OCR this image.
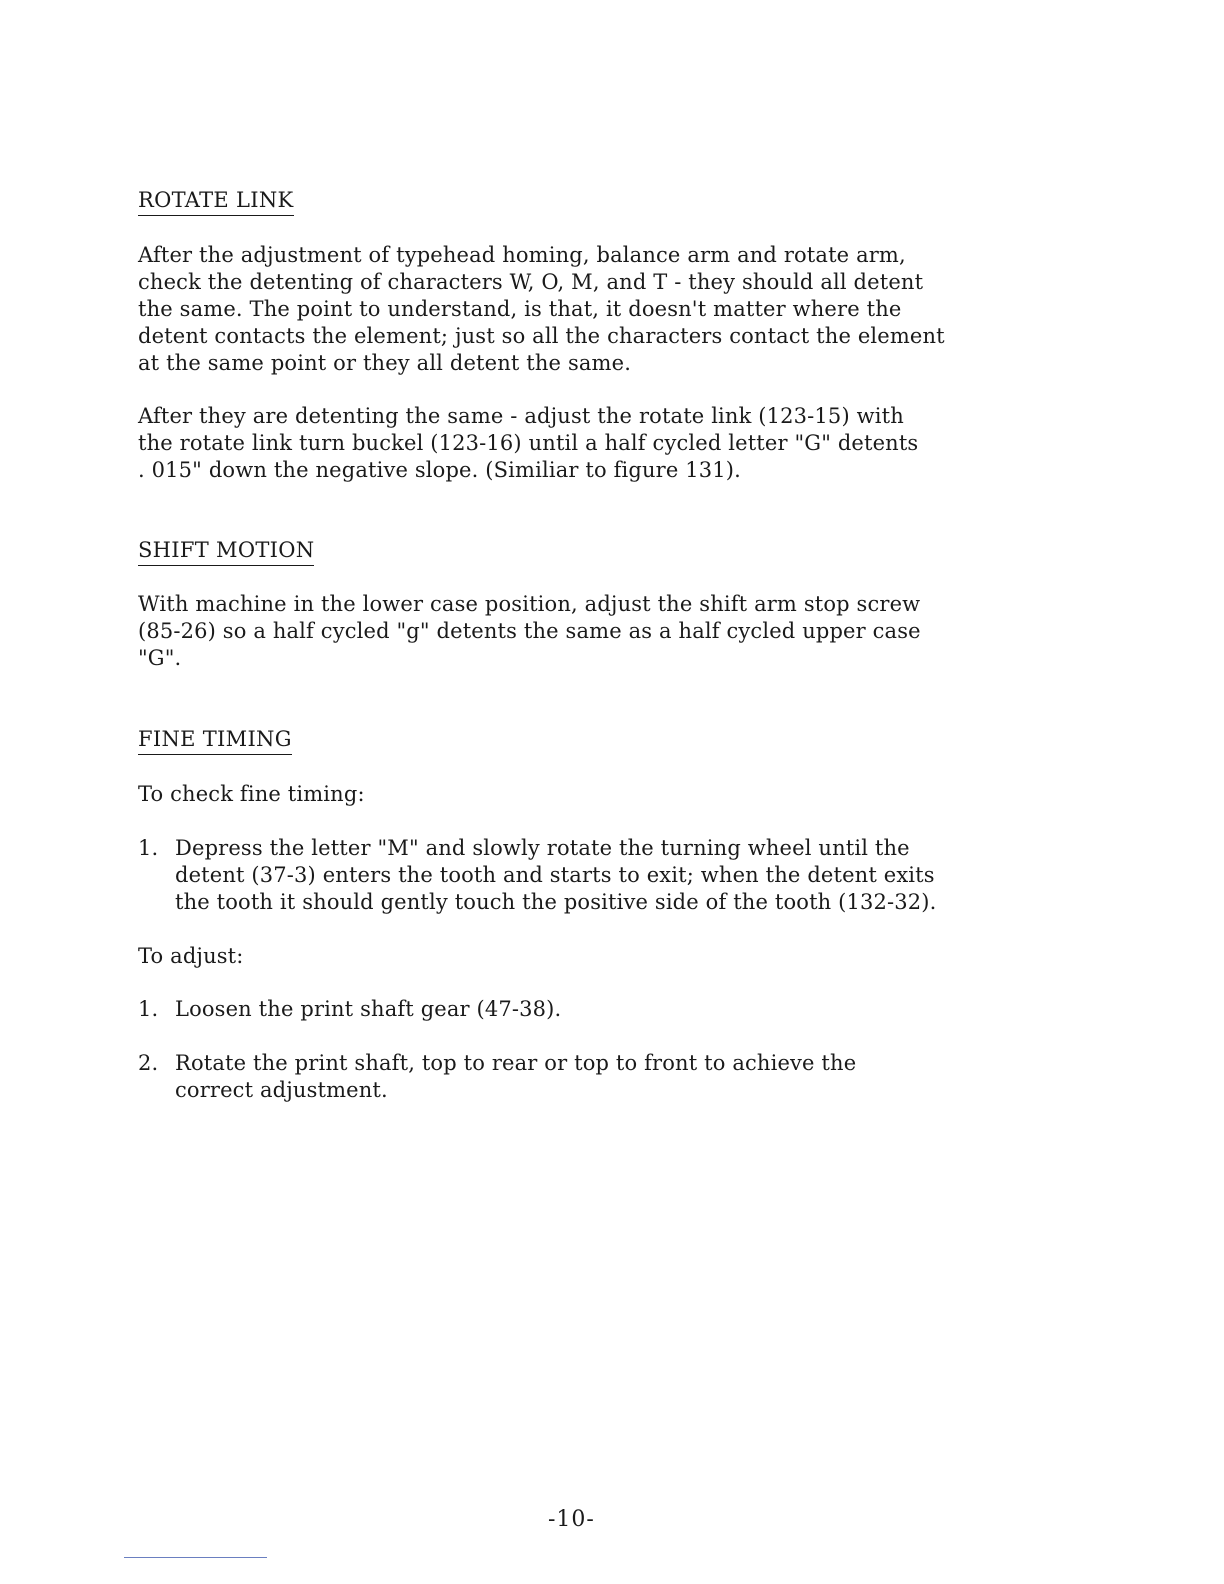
ROTATE LINK

After the adjustment of typehead homing, balance arm and rotate arm,
check the detenting of characters W, O, M, and T - they should all detent
the same. The point to understand, is that, it doesn't matter where the
detent contacts the element; just so all the characters contact the element
at the same point or they all detent the same.

After they are detenting the same - adjust the rotate link (123-15) with
the rotate link turn buckel (123-16) until a half cycled letter "G" detents
. 015" down the negative slope. (Similiar to figure 131).

SHIFT MOTION

With machine in the lower case position, adjust the shift arm stop screw
(85-26) so a half cycled "g" detents the same as a half cycled upper case
"G".

FINE TIMING

To check fine timing:

1. Depress the letter "M" and slowly rotate the turning wheel until the
detent (37-3) enters the tooth and starts to exit; when the detent exits
the tooth it should gently touch the positive side of the tooth (132-32).

To adjust:

1. Loosen the print shaft gear (47-38).
2. Rotate the print shaft, top to rear or top to front to achieve the
correct adjustment.
-10-
